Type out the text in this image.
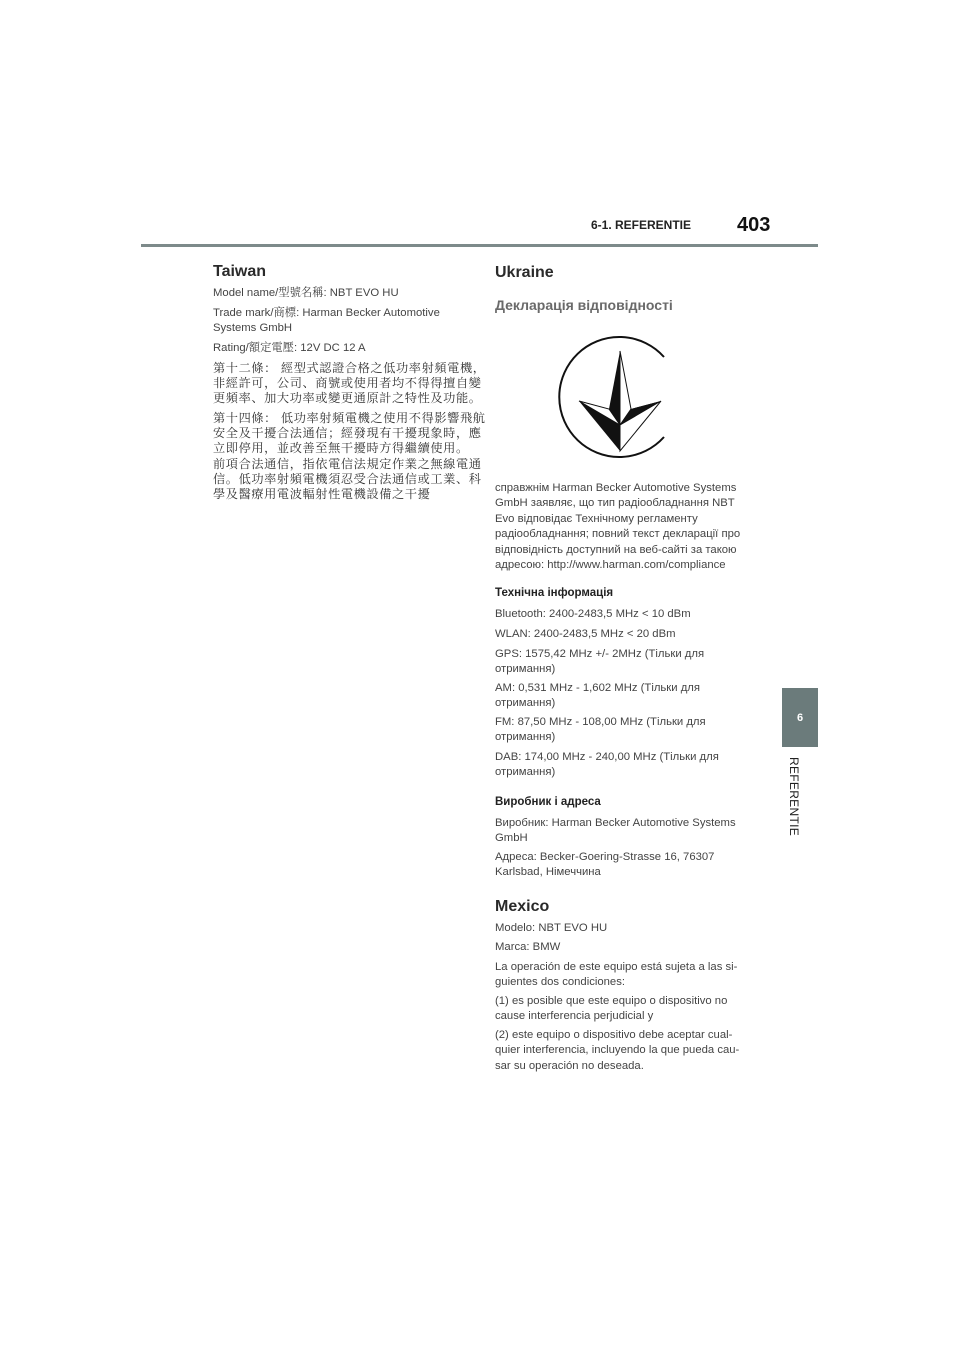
6-1. REFERENTIE 403
6
REFERENTIE
Taiwan
Model name/型號名稱: NBT EVO HU
Trade mark/商標: Harman Becker Automotive
Systems GmbH
Rating/額定電壓: 12V DC 12 A
第十二條： 經型式認證合格之低功率射頻電機，
非經許可，公司、商號或使用者均不得得擅自變
更頻率、加大功率或變更通原計之特性及功能。
第十四條： 低功率射頻電機之使用不得影響飛航
安全及干擾合法通信；經發現有干擾現象時，應
立即停用，並改善至無干擾時方得繼續使用。
前項合法通信，指依電信法規定作業之無線電通
信。低功率射頻電機須忍受合法通信或工業、科
學及醫療用電波輻射性電機設備之干擾
Ukraine
Декларація відповідності
справжнім Harman Becker Automotive Systems
GmbH заявляє, що тип радіообладнання NBT
Evo відповідає Технічному регламенту
радіообладнання; повний текст декларації про
відповідність доступний на веб-сайті за такою
адресою: http://www.harman.com/compliance
Технічна інформація
Bluetooth: 2400-2483,5 MHz < 10 dBm
WLAN: 2400-2483,5 MHz < 20 dBm
GPS: 1575,42 MHz +/- 2MHz (Тільки для
отримання)
AM: 0,531 MHz - 1,602 MHz (Тільки для
отримання)
FM: 87,50 MHz - 108,00 MHz (Тільки для
отримання)
DAB: 174,00 MHz - 240,00 MHz (Тільки для
отримання)
Виробник і адреса
Виробник: Harman Becker Automotive Systems
GmbH
Адреса: Becker-Goering-Strasse 16, 76307
Karlsbad, Німеччина
Mexico
Modelo: NBT EVO HU
Marca: BMW
La operación de este equipo está sujeta a las si-
guientes dos condiciones:
(1) es posible que este equipo o dispositivo no
cause interferencia perjudicial y
(2) este equipo o dispositivo debe aceptar cual-
quier interferencia, incluyendo la que pueda cau-
sar su operación no deseada.
